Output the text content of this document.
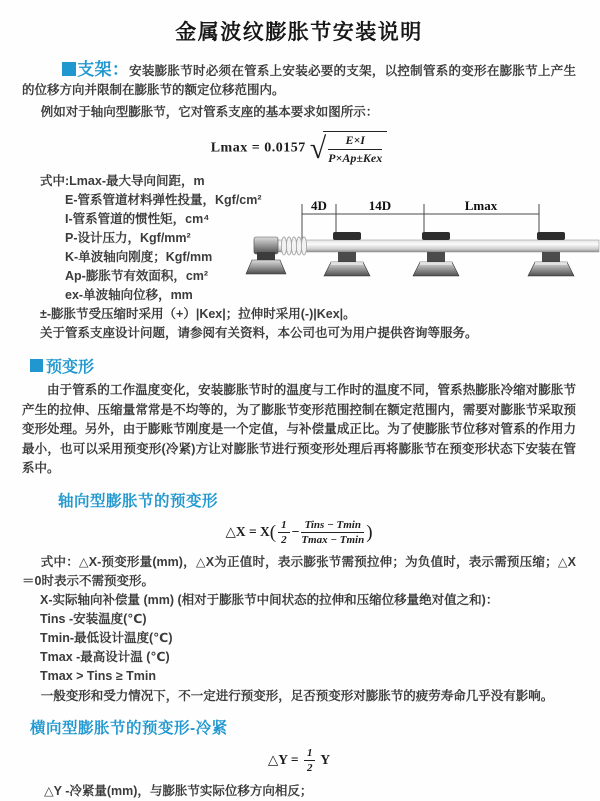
金属波纹膨胀节安装说明

支架：安装膨胀节时必须在管系上安装必要的支架，以控制管系的变形在膨胀节上产生的位移方向并限制在膨胀节的额定位移范围内。

例如对于轴向型膨胀节，它对管系支座的基本要求如图所示：

Lmax = 0.0157 √	E×I
P×Ap±Kex
式中:Lmax-最大导向间距，m
E-管系管道材料弹性投量，Kgf/cm²
I-管系管道的惯性矩，cm⁴
P-设计压力，Kgf/mm²
K-单波轴向刚度；Kgf/mm
Ap-膨胀节有效面积，cm²
ex-单波轴向位移，mm
4D	14D	Lmax
±-膨胀节受压缩时采用（+）|Kex|；拉伸时采用(-)|Kex|。
关于管系支座设计问题，请参阅有关资料，本公司也可为用户提供咨询等服务。
预变形

由于管系的工作温度变化，安装膨胀节时的温度与工作时的温度不同，管系热膨胀冷缩对膨胀节产生的拉伸、压缩量常常是不均等的，为了膨胀节变形范围控制在额定范围内，需要对膨胀节采取预变形处理。另外，由于膨账节刚度是一个定值，与补偿量成正比。为了使膨胀节位移对管系的作用力最小，也可以采用预变形(冷紧)方让对膨胀节进行预变形处理后再将膨胀节在预变形状态下安装在管系中。

轴向型膨胀节的预变形
△X = $X( \frac{1}{2} - \frac{\text{Tins − Tmin}}{Tmax - Tmin}$ )

式中：△X-预变形量(mm)，△X为正值时，表示膨张节需预拉伸；为负值时，表示需预压缩；△X＝0时表示不需预变形。

X-实际轴向补偿量 (mm) (相对于膨胀节中间状态的拉伸和压缩位移量绝对值之和)：
Tins -安装温度(℃)
Tmin-最低设计温度(℃)
Tmax -最高设计温 (℃)
Tmax > Tins ≥ Tmin

一般变形和受力情况下，不一定进行预变形，足否预变形对膨胀节的疲劳寿命几乎没有影响。

横向型膨胀节的预变形-冷紧
△Y = $\frac{1}{2}$ Y
△Y -冷紧量(mm)，与膨胀节实际位移方向相反；
